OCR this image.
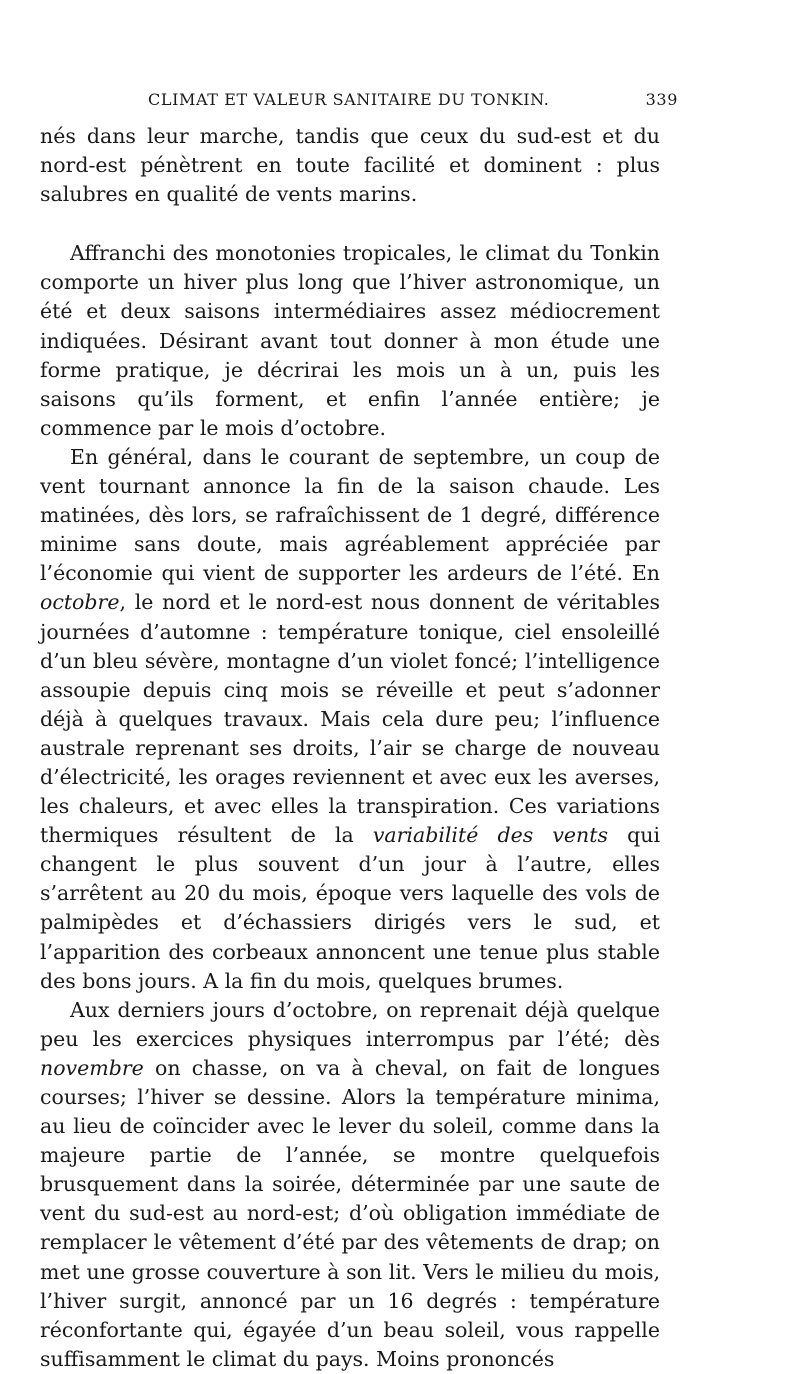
CLIMAT ET VALEUR SANITAIRE DU TONKIN.	339

nés dans leur marche, tandis que ceux du sud-est et du nord-est pénètrent en toute facilité et dominent : plus salubres en qualité de vents marins.

Affranchi des monotonies tropicales, le climat du Tonkin comporte un hiver plus long que l’hiver astronomique, un été et deux saisons intermédiaires assez médiocrement indiquées. Désirant avant tout donner à mon étude une forme pratique, je décrirai les mois un à un, puis les saisons qu’ils forment, et enfin l’année entière; je commence par le mois d’octobre.

En général, dans le courant de septembre, un coup de vent tournant annonce la fin de la saison chaude. Les matinées, dès lors, se rafraîchissent de 1 degré, différence minime sans doute, mais agréablement appréciée par l’économie qui vient de supporter les ardeurs de l’été. En octobre, le nord et le nord-est nous donnent de véritables journées d’automne : température tonique, ciel ensoleillé d’un bleu sévère, montagne d’un violet foncé; l’intelligence assoupie depuis cinq mois se réveille et peut s’adonner déjà à quelques travaux. Mais cela dure peu; l’influence australe reprenant ses droits, l’air se charge de nouveau d’électricité, les orages reviennent et avec eux les averses, les chaleurs, et avec elles la transpiration. Ces variations thermiques résultent de la variabilité des vents qui changent le plus souvent d’un jour à l’autre, elles s’arrêtent au 20 du mois, époque vers laquelle des vols de palmipèdes et d’échassiers dirigés vers le sud, et l’apparition des corbeaux annoncent une tenue plus stable des bons jours. A la fin du mois, quelques brumes.

Aux derniers jours d’octobre, on reprenait déjà quelque peu les exercices physiques interrompus par l’été; dès novembre on chasse, on va à cheval, on fait de longues courses; l’hiver se dessine. Alors la température minima, au lieu de coïncider avec le lever du soleil, comme dans la majeure partie de l’année, se montre quelquefois brusquement dans la soirée, déterminée par une saute de vent du sud-est au nord-est; d’où obligation immédiate de remplacer le vêtement d’été par des vêtements de drap; on met une grosse couverture à son lit. Vers le milieu du mois, l’hiver surgit, annoncé par un 16 degrés : température réconfortante qui, égayée d’un beau soleil, vous rappelle suffisamment le climat du pays. Moins prononcés
